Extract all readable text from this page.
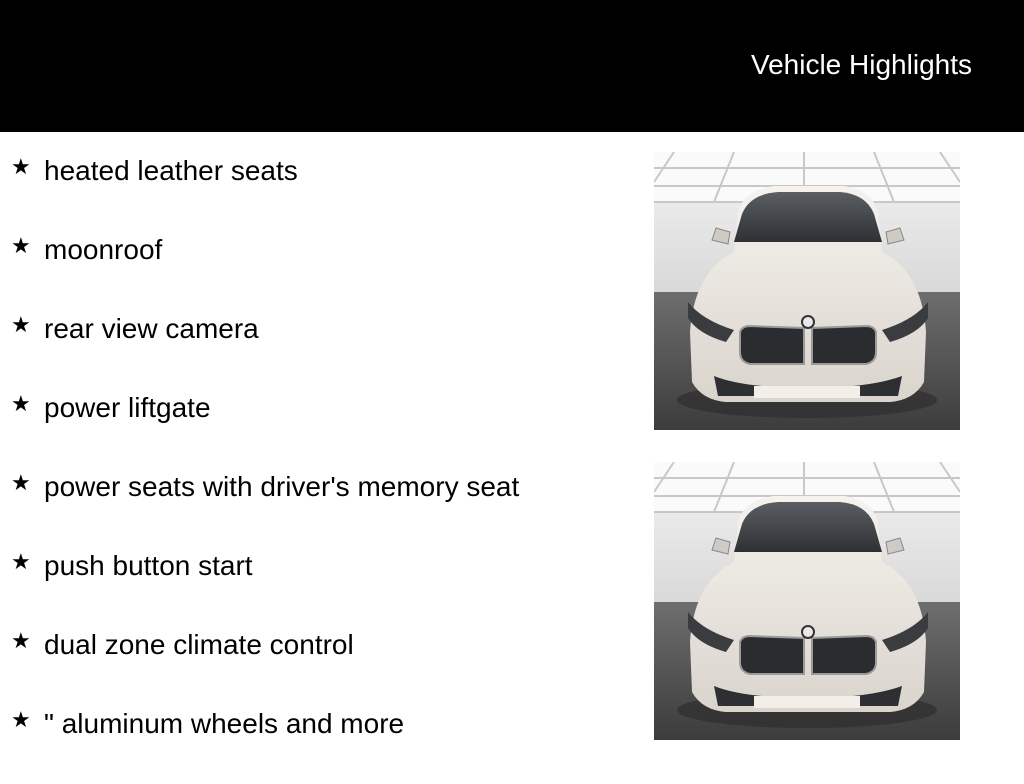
Vehicle Highlights
★ heated leather seats
★ moonroof
★ rear view camera
★ power liftgate
★ power seats with driver's memory seat
★ push button start
★ dual zone climate control
★ " aluminum wheels and more
